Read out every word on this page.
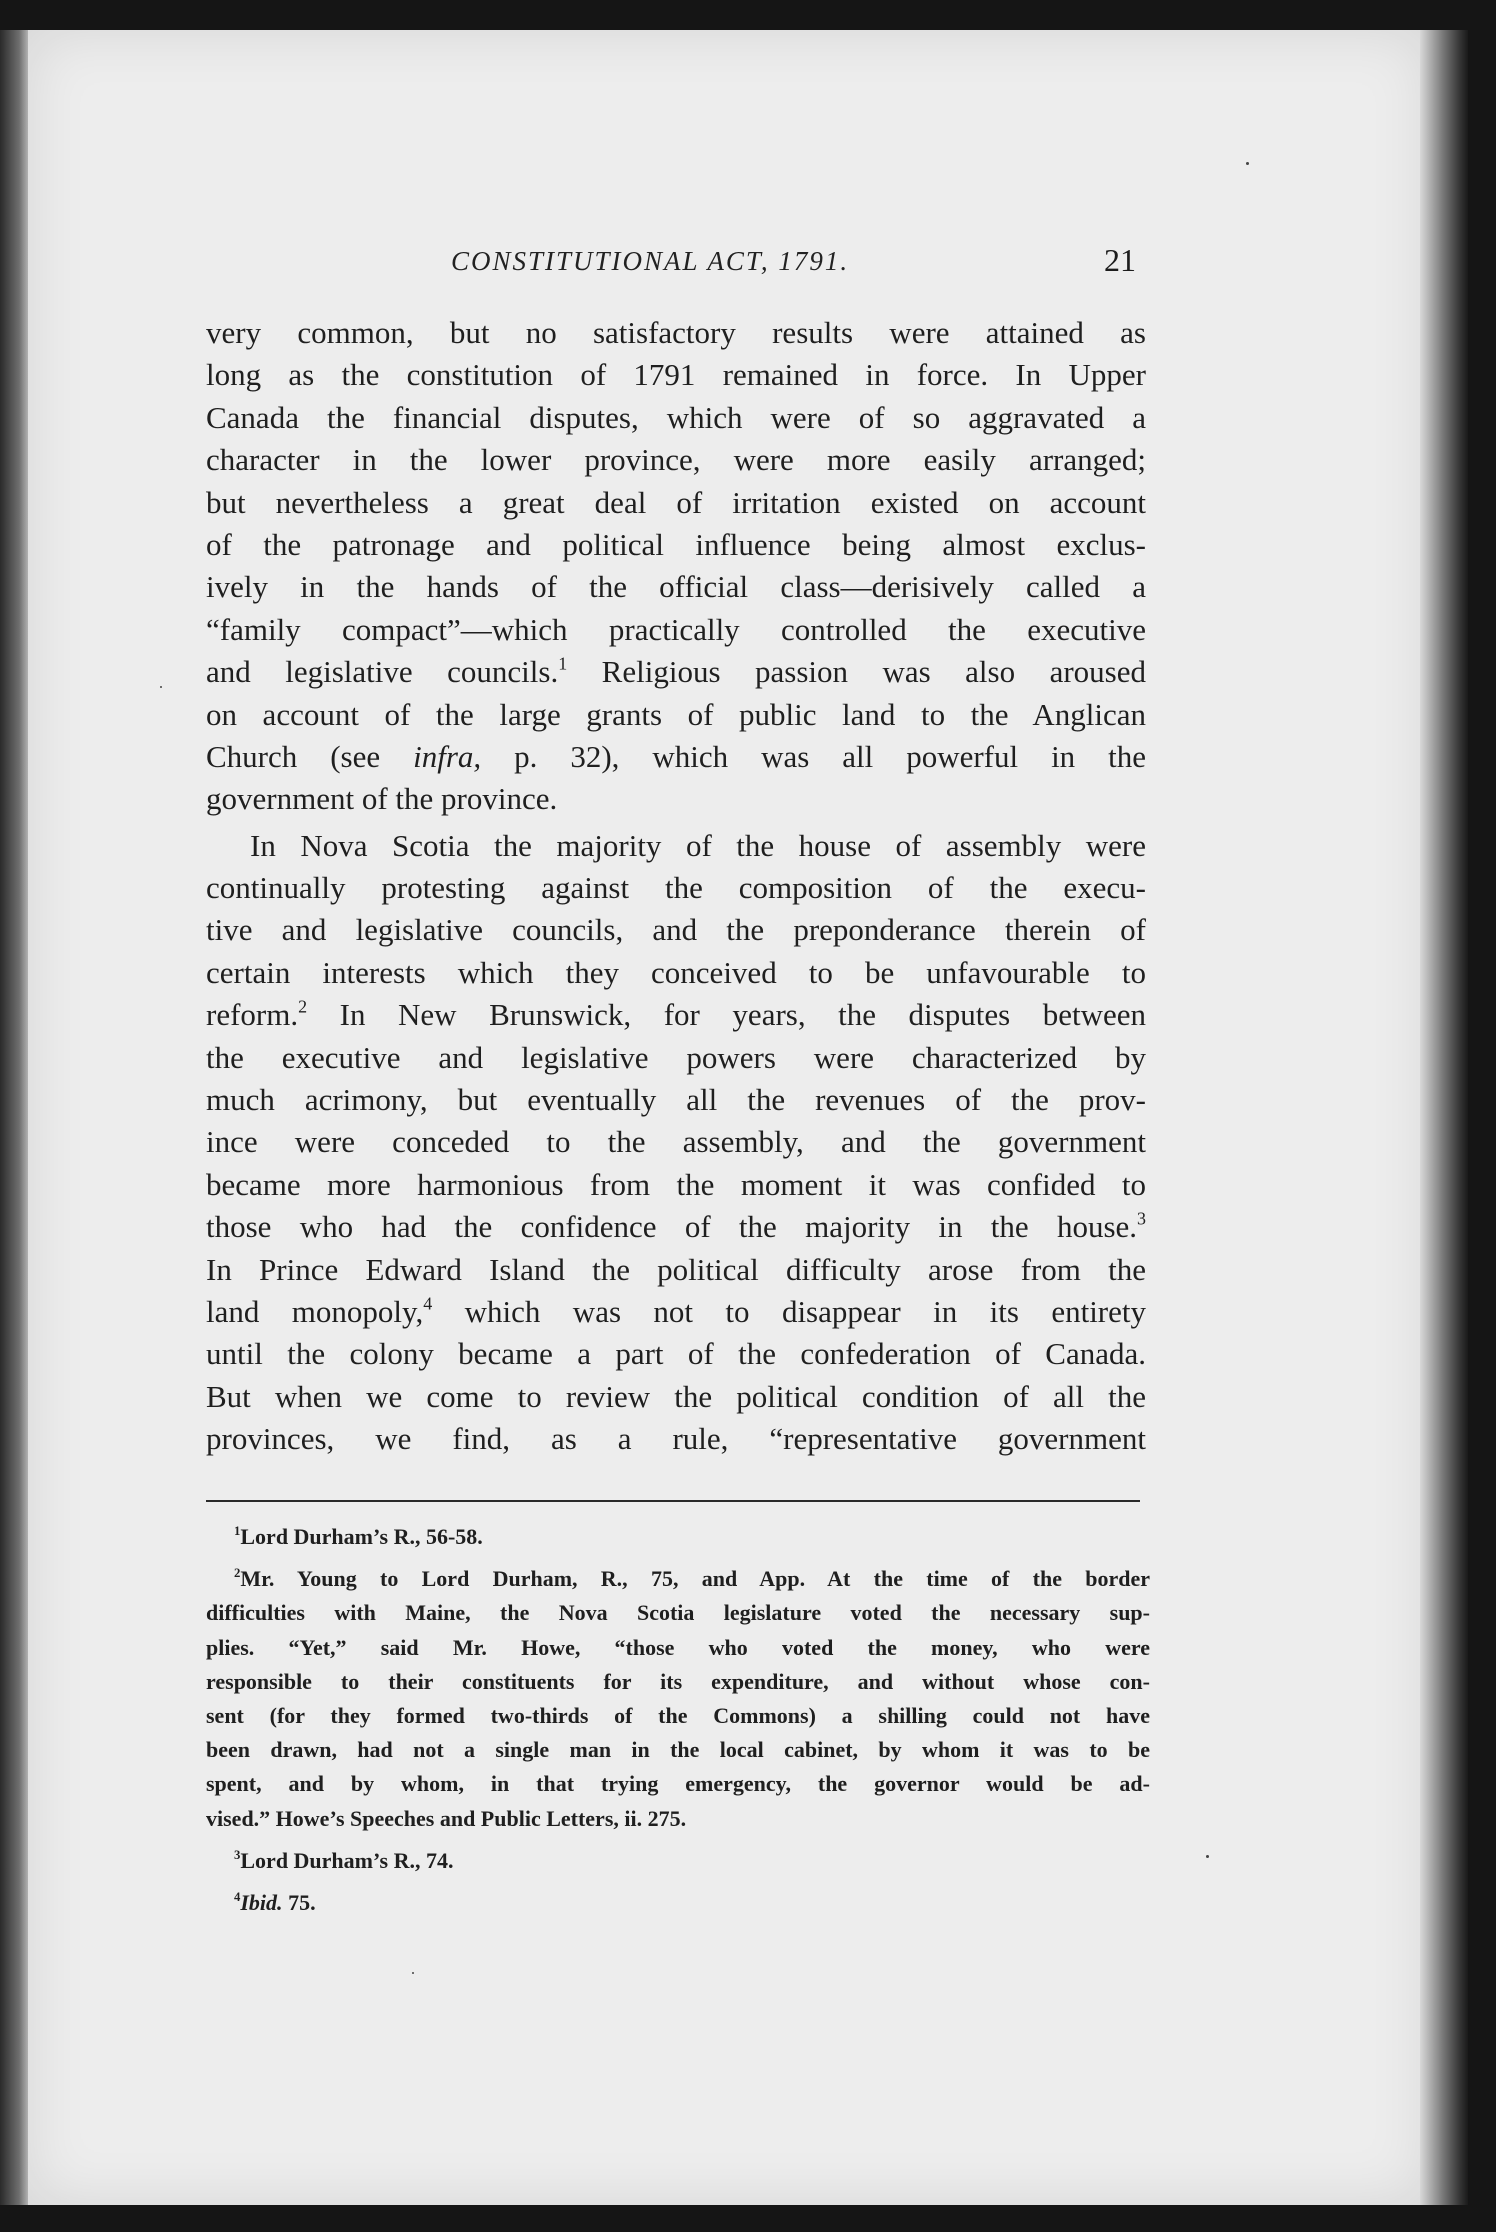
CONSTITUTIONAL ACT, 1791.	21
very common, but no satisfactory results were attained as
long as the constitution of 1791 remained in force. In Upper
Canada the financial disputes, which were of so aggravated a
character in the lower province, were more easily arranged;
but nevertheless a great deal of irritation existed on account
of the patronage and political influence being almost exclus-
ively in the hands of the official class—derisively called a
“family compact”—which practically controlled the executive
and legislative councils.$^1$ Religious passion was also aroused
on account of the large grants of public land to the Anglican
Church (see infra, p. 32), which was all powerful in the
government of the province.
In Nova Scotia the majority of the house of assembly were
continually protesting against the composition of the execu-
tive and legislative councils, and the preponderance therein of
certain interests which they conceived to be unfavourable to
reform.$^2$ In New Brunswick, for years, the disputes between
the executive and legislative powers were characterized by
much acrimony, but eventually all the revenues of the prov-
ince were conceded to the assembly, and the government
became more harmonious from the moment it was confided to
those who had the confidence of the majority in the house.$^3$
In Prince Edward Island the political difficulty arose from the
land monopoly,$^4$ which was not to disappear in its entirety
until the colony became a part of the confederation of Canada.
But when we come to review the political condition of all the
provinces, we find, as a rule, “representative government
$^1$Lord Durham’s R., 56-58.
$^2$Mr. Young to Lord Durham, R., 75, and App. At the time of the border
difficulties with Maine, the Nova Scotia legislature voted the necessary sup-
plies. “Yet,” said Mr. Howe, “those who voted the money, who were
responsible to their constituents for its expenditure, and without whose con-
sent (for they formed two-thirds of the Commons) a shilling could not have
been drawn, had not a single man in the local cabinet, by whom it was to be
spent, and by whom, in that trying emergency, the governor would be ad-
vised.” Howe’s Speeches and Public Letters, ii. 275.
$^3$Lord Durham’s R., 74.
$^4$Ibid. 75.
